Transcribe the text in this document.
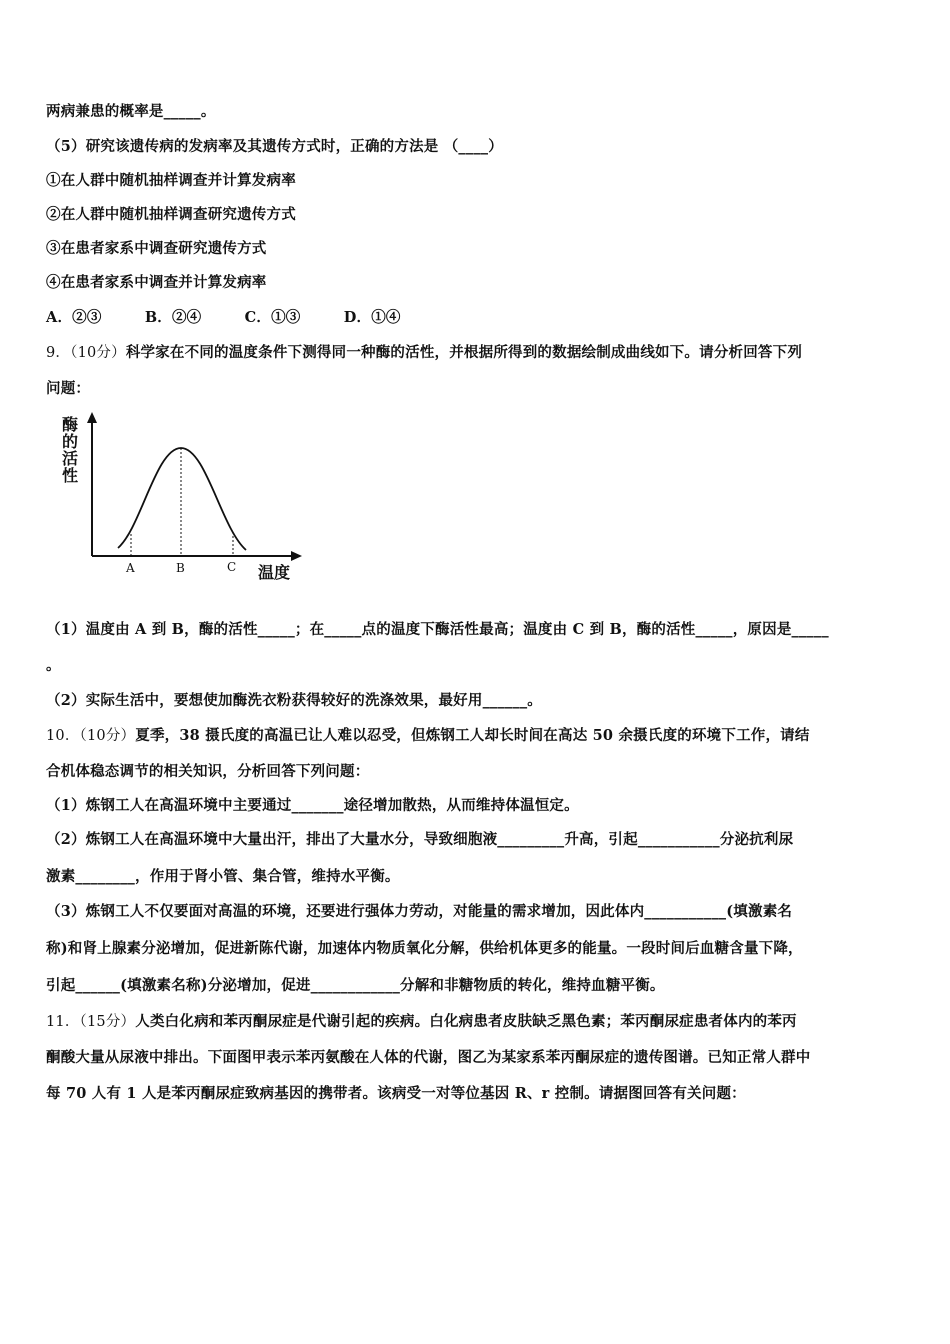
两病兼患的概率是_____。
（5）研究该遗传病的发病率及其遗传方式时，正确的方法是 （____）
①在人群中随机抽样调查并计算发病率
②在人群中随机抽样调查研究遗传方式
③在患者家系中调查研究遗传方式
④在患者家系中调查并计算发病率
A．②③	B．②④	C．①③	D．①④
9．（10分）科学家在不同的温度条件下测得同一种酶的活性，并根据所得到的数据绘制成曲线如下。请分析回答下列
问题：
酶
的
活
性
A	B	C 温度
（1）温度由 A 到 B，酶的活性_____；在_____点的温度下酶活性最高；温度由 C 到 B，酶的活性_____，原因是_____
。
（2）实际生活中，要想使加酶洗衣粉获得较好的洗涤效果，最好用______。
10．（10分）夏季，38 摄氏度的高温已让人难以忍受，但炼钢工人却长时间在高达 50 余摄氏度的环境下工作，请结
合机体稳态调节的相关知识，分析回答下列问题：
（1）炼钢工人在高温环境中主要通过_______途径增加散热，从而维持体温恒定。
（2）炼钢工人在高温环境中大量出汗，排出了大量水分，导致细胞液_________升高，引起___________分泌抗利尿
激素________，作用于肾小管、集合管，维持水平衡。
（3）炼钢工人不仅要面对高温的环境，还要进行强体力劳动，对能量的需求增加，因此体内___________(填激素名
称)和肾上腺素分泌增加，促进新陈代谢，加速体内物质氧化分解，供给机体更多的能量。一段时间后血糖含量下降，
引起______(填激素名称)分泌增加，促进____________分解和非糖物质的转化，维持血糖平衡。
11．（15分）人类白化病和苯丙酮尿症是代谢引起的疾病。白化病患者皮肤缺乏黑色素；苯丙酮尿症患者体内的苯丙
酮酸大量从尿液中排出。下面图甲表示苯丙氨酸在人体的代谢，图乙为某家系苯丙酮尿症的遗传图谱。已知正常人群中
每 70 人有 1 人是苯丙酮尿症致病基因的携带者。该病受一对等位基因 R、r 控制。请据图回答有关问题：
